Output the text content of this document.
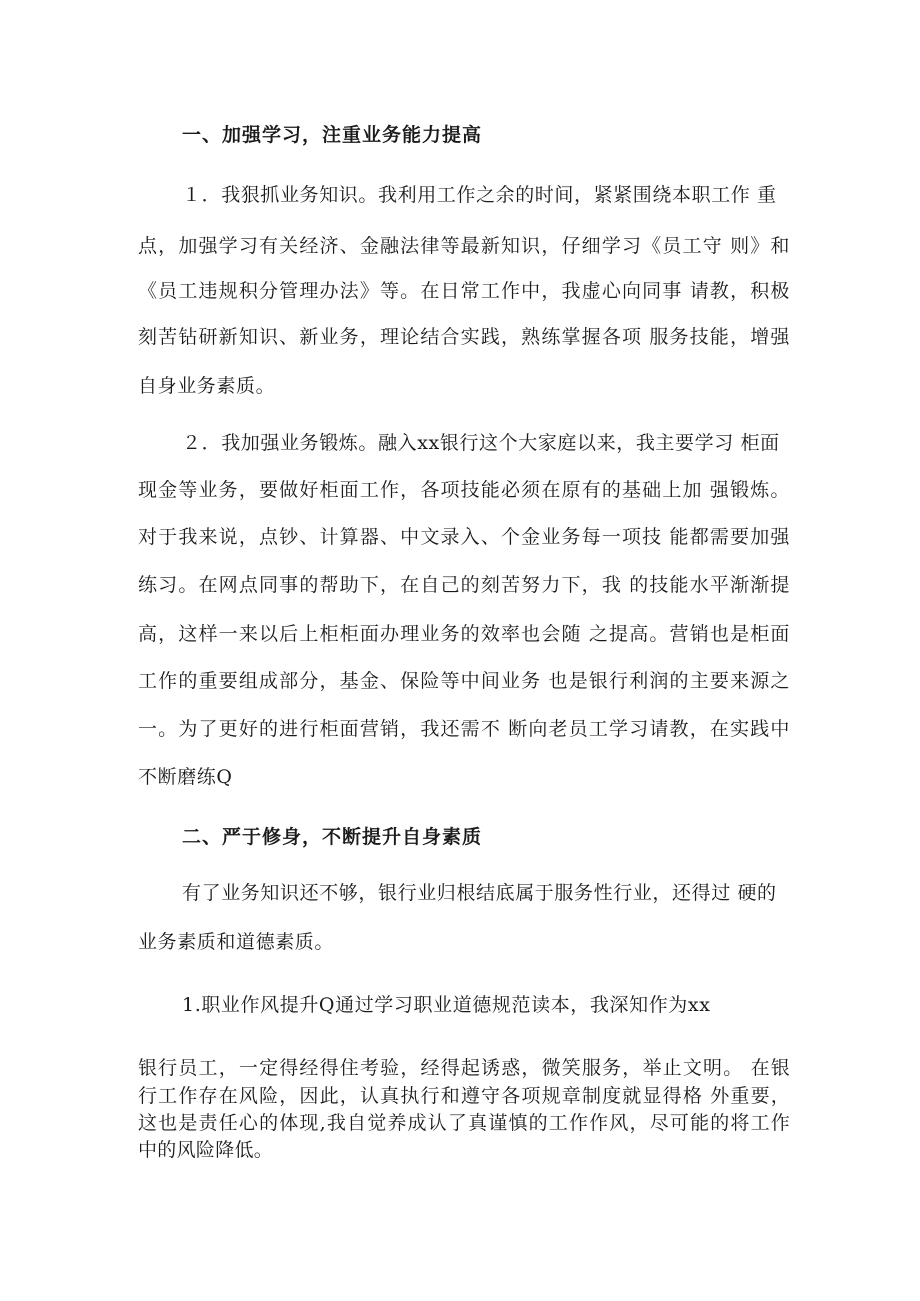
一、加强学习，注重业务能力提高
１．我狠抓业务知识。我利用工作之余的时间，紧紧围绕本职工作 重
点，加强学习有关经济、金融法律等最新知识，仔细学习《员工守 则》和
《员工违规积分管理办法》等。在日常工作中，我虚心向同事 请教，积极
刻苦钻研新知识、新业务，理论结合实践，熟练掌握各项 服务技能，增强
自身业务素质。
２．我加强业务锻炼。融入xx银行这个大家庭以来，我主要学习 柜面
现金等业务，要做好柜面工作，各项技能必须在原有的基础上加 强锻炼。
对于我来说，点钞、计算器、中文录入、个金业务每一项技 能都需要加强
练习。在网点同事的帮助下，在自己的刻苦努力下，我 的技能水平渐渐提
高，这样一来以后上柜柜面办理业务的效率也会随 之提高。营销也是柜面
工作的重要组成部分，基金、保险等中间业务 也是银行利润的主要来源之
一。为了更好的进行柜面营销，我还需不 断向老员工学习请教，在实践中
不断磨练Q
二、严于修身，不断提升自身素质
有了业务知识还不够，银行业归根结底属于服务性行业，还得过 硬的
业务素质和道德素质。
1.职业作风提升Q通过学习职业道德规范读本，我深知作为xx
银行员工，一定得经得住考验，经得起诱惑，微笑服务，举止文明。 在银
行工作存在风险，因此，认真执行和遵守各项规章制度就显得格 外重要，
这也是责任心的体现,我自觉养成认了真谨慎的工作作风，尽可能的将工作
中的风险降低。
